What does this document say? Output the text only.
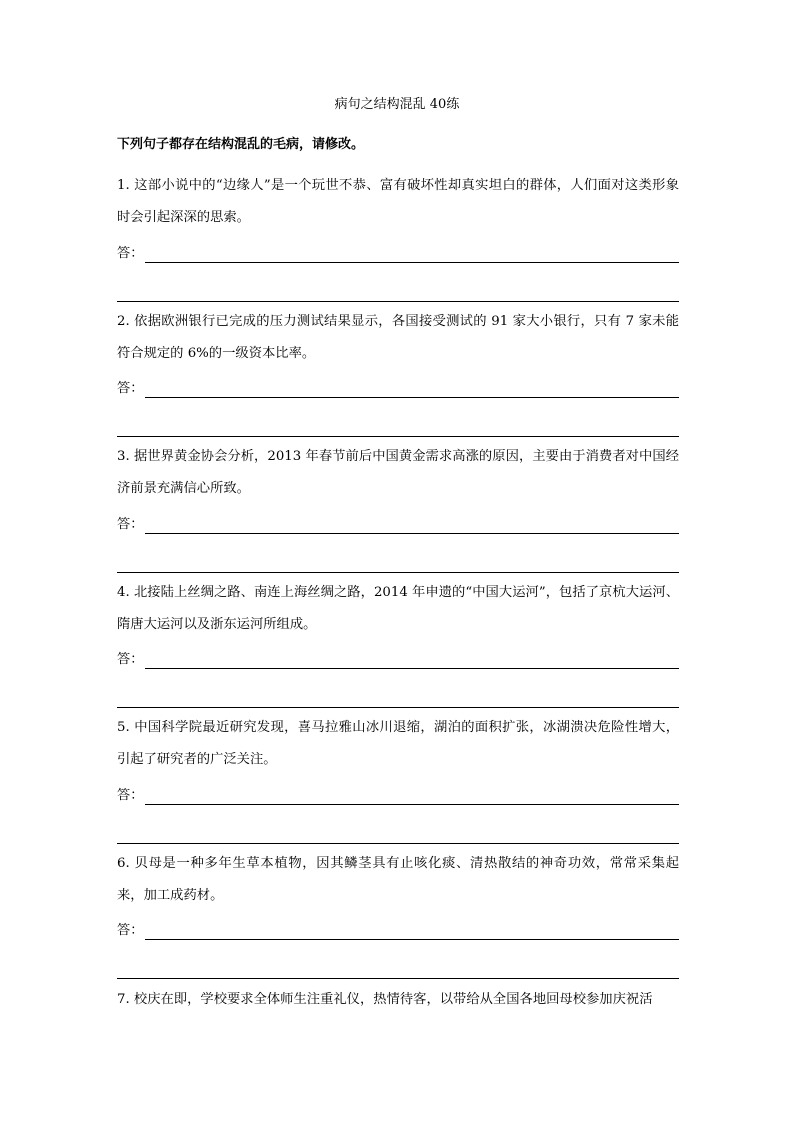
病句之结构混乱 40练
下列句子都存在结构混乱的毛病，请修改。
1. 这部小说中的“边缘人”是一个玩世不恭、富有破坏性却真实坦白的群体，人们面对这类形象时会引起深深的思索。
答：
2. 依据欧洲银行已完成的压力测试结果显示，各国接受测试的 91 家大小银行，只有 7 家未能符合规定的 6%的一级资本比率。
答：
3. 据世界黄金协会分析，2013 年春节前后中国黄金需求高涨的原因，主要由于消费者对中国经济前景充满信心所致。
答：
4. 北接陆上丝绸之路、南连上海丝绸之路，2014 年申遗的“中国大运河”，包括了京杭大运河、隋唐大运河以及浙东运河所组成。
答：
5. 中国科学院最近研究发现，喜马拉雅山冰川退缩，湖泊的面积扩张，冰湖溃决危险性增大，引起了研究者的广泛关注。
答：
6. 贝母是一种多年生草本植物，因其鳞茎具有止咳化痰、清热散结的神奇功效，常常采集起来，加工成药材。
答：
7. 校庆在即，学校要求全体师生注重礼仪，热情待客，以带给从全国各地回母校参加庆祝活
